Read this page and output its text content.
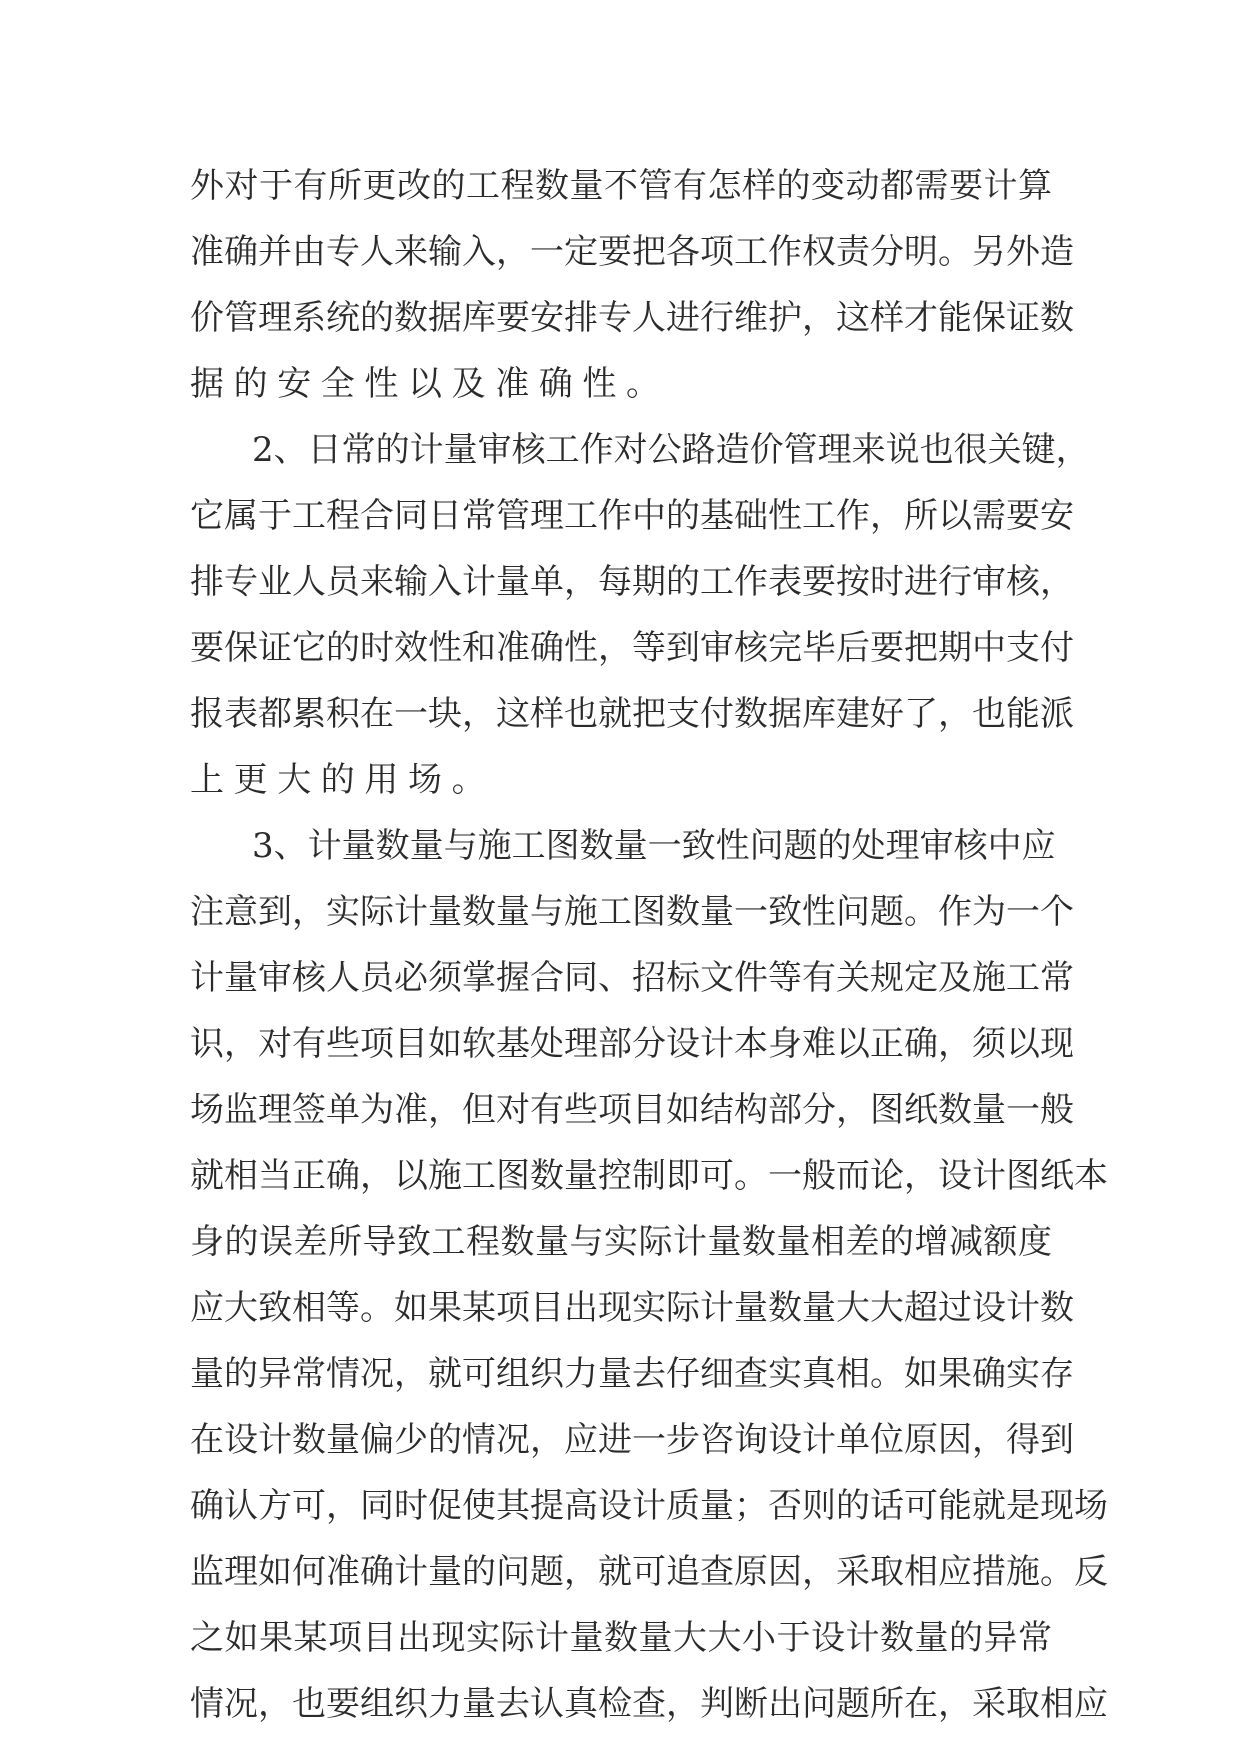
外对于有所更改的工程数量不管有怎样的变动都需要计算
准确并由专人来输入，一定要把各项工作权责分明。另外造
价管理系统的数据库要安排专人进行维护，这样才能保证数
据的安全性以及准确性。
2、日常的计量审核工作对公路造价管理来说也很关键，
它属于工程合同日常管理工作中的基础性工作，所以需要安
排专业人员来输入计量单，每期的工作表要按时进行审核，
要保证它的时效性和准确性，等到审核完毕后要把期中支付
报表都累积在一块，这样也就把支付数据库建好了，也能派
上更大的用场。
3、计量数量与施工图数量一致性问题的处理审核中应
注意到，实际计量数量与施工图数量一致性问题。作为一个
计量审核人员必须掌握合同、招标文件等有关规定及施工常
识，对有些项目如软基处理部分设计本身难以正确，须以现
场监理签单为准，但对有些项目如结构部分，图纸数量一般
就相当正确，以施工图数量控制即可。一般而论，设计图纸本
身的误差所导致工程数量与实际计量数量相差的增减额度
应大致相等。如果某项目出现实际计量数量大大超过设计数
量的异常情况，就可组织力量去仔细查实真相。如果确实存
在设计数量偏少的情况，应进一步咨询设计单位原因，得到
确认方可，同时促使其提高设计质量；否则的话可能就是现场
监理如何准确计量的问题，就可追查原因，采取相应措施。反
之如果某项目出现实际计量数量大大小于设计数量的异常
情况，也要组织力量去认真检查，判断出问题所在，采取相应
